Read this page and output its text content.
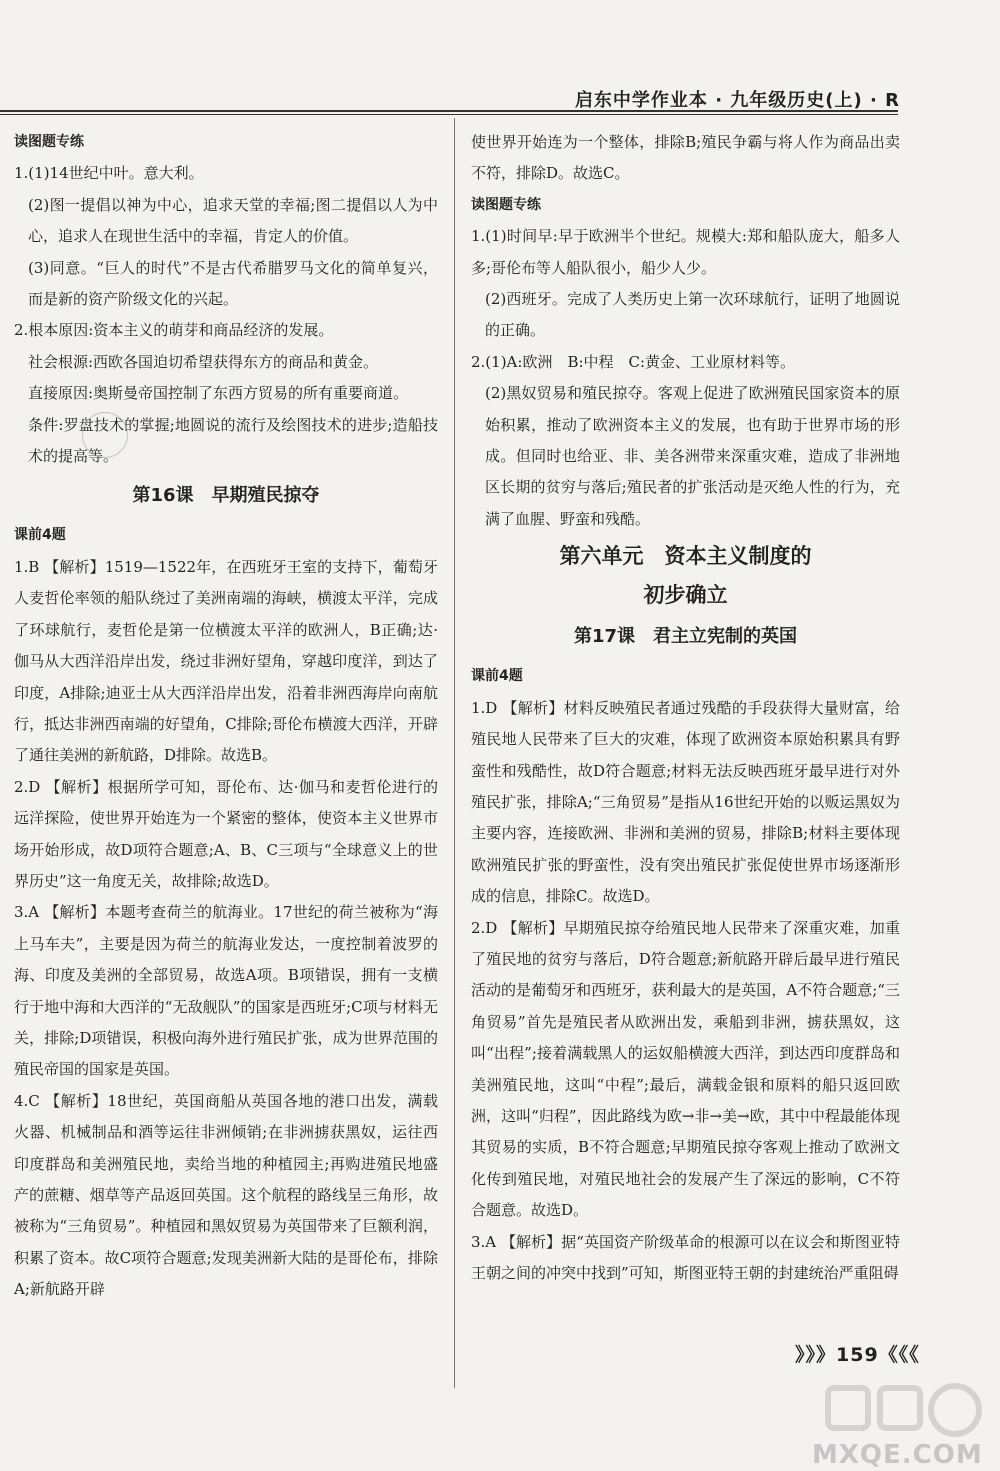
启东中学作业本 · 九年级历史(上) · R

读图题专练

1.(1)14世纪中叶。意大利。

(2)图一提倡以神为中心，追求天堂的幸福;图二提倡以人为中心，追求人在现世生活中的幸福，肯定人的价值。

(3)同意。“巨人的时代”不是古代希腊罗马文化的简单复兴，而是新的资产阶级文化的兴起。

2.根本原因:资本主义的萌芽和商品经济的发展。

社会根源:西欧各国迫切希望获得东方的商品和黄金。

直接原因:奥斯曼帝国控制了东西方贸易的所有重要商道。

条件:罗盘技术的掌握;地圆说的流行及绘图技术的进步;造船技术的提高等。

第16课　早期殖民掠夺

课前4题

1.B 【解析】1519—1522年，在西班牙王室的支持下，葡萄牙人麦哲伦率领的船队绕过了美洲南端的海峡，横渡太平洋，完成了环球航行，麦哲伦是第一位横渡太平洋的欧洲人，B正确;达·伽马从大西洋沿岸出发，绕过非洲好望角，穿越印度洋，到达了印度，A排除;迪亚士从大西洋沿岸出发，沿着非洲西海岸向南航行，抵达非洲西南端的好望角，C排除;哥伦布横渡大西洋，开辟了通往美洲的新航路，D排除。故选B。

2.D 【解析】根据所学可知，哥伦布、达·伽马和麦哲伦进行的远洋探险，使世界开始连为一个紧密的整体，使资本主义世界市场开始形成，故D项符合题意;A、B、C三项与“全球意义上的世界历史”这一角度无关，故排除;故选D。

3.A 【解析】本题考查荷兰的航海业。17世纪的荷兰被称为“海上马车夫”，主要是因为荷兰的航海业发达，一度控制着波罗的海、印度及美洲的全部贸易，故选A项。B项错误，拥有一支横行于地中海和大西洋的“无敌舰队”的国家是西班牙;C项与材料无关，排除;D项错误，积极向海外进行殖民扩张，成为世界范围的殖民帝国的国家是英国。

4.C 【解析】18世纪，英国商船从英国各地的港口出发，满载火器、机械制品和酒等运往非洲倾销;在非洲掳获黑奴，运往西印度群岛和美洲殖民地，卖给当地的种植园主;再购进殖民地盛产的蔗糖、烟草等产品返回英国。这个航程的路线呈三角形，故被称为“三角贸易”。种植园和黑奴贸易为英国带来了巨额利润，积累了资本。故C项符合题意;发现美洲新大陆的是哥伦布，排除A;新航路开辟

使世界开始连为一个整体，排除B;殖民争霸与将人作为商品出卖不符，排除D。故选C。

读图题专练

1.(1)时间早:早于欧洲半个世纪。规模大:郑和船队庞大，船多人多;哥伦布等人船队很小，船少人少。

(2)西班牙。完成了人类历史上第一次环球航行，证明了地圆说的正确。

2.(1)A:欧洲　B:中程　C:黄金、工业原材料等。

(2)黑奴贸易和殖民掠夺。客观上促进了欧洲殖民国家资本的原始积累，推动了欧洲资本主义的发展，也有助于世界市场的形成。但同时也给亚、非、美各洲带来深重灾难，造成了非洲地区长期的贫穷与落后;殖民者的扩张活动是灭绝人性的行为，充满了血腥、野蛮和残酷。

第六单元　资本主义制度的

初步确立

第17课　君主立宪制的英国

课前4题

1.D 【解析】材料反映殖民者通过残酷的手段获得大量财富，给殖民地人民带来了巨大的灾难，体现了欧洲资本原始积累具有野蛮性和残酷性，故D符合题意;材料无法反映西班牙最早进行对外殖民扩张，排除A;“三角贸易”是指从16世纪开始的以贩运黑奴为主要内容，连接欧洲、非洲和美洲的贸易，排除B;材料主要体现欧洲殖民扩张的野蛮性，没有突出殖民扩张促使世界市场逐渐形成的信息，排除C。故选D。

2.D 【解析】早期殖民掠夺给殖民地人民带来了深重灾难，加重了殖民地的贫穷与落后，D符合题意;新航路开辟后最早进行殖民活动的是葡萄牙和西班牙，获利最大的是英国，A不符合题意;“三角贸易”首先是殖民者从欧洲出发，乘船到非洲，掳获黑奴，这叫“出程”;接着满载黑人的运奴船横渡大西洋，到达西印度群岛和美洲殖民地，这叫“中程”;最后，满载金银和原料的船只返回欧洲，这叫“归程”，因此路线为欧→非→美→欧，其中中程最能体现其贸易的实质，B不符合题意;早期殖民掠夺客观上推动了欧洲文化传到殖民地，对殖民地社会的发展产生了深远的影响，C不符合题意。故选D。

3.A 【解析】据“英国资产阶级革命的根源可以在议会和斯图亚特王朝之间的冲突中找到”可知，斯图亚特王朝的封建统治严重阻碍

》》》159《《《
MXQE.COM
